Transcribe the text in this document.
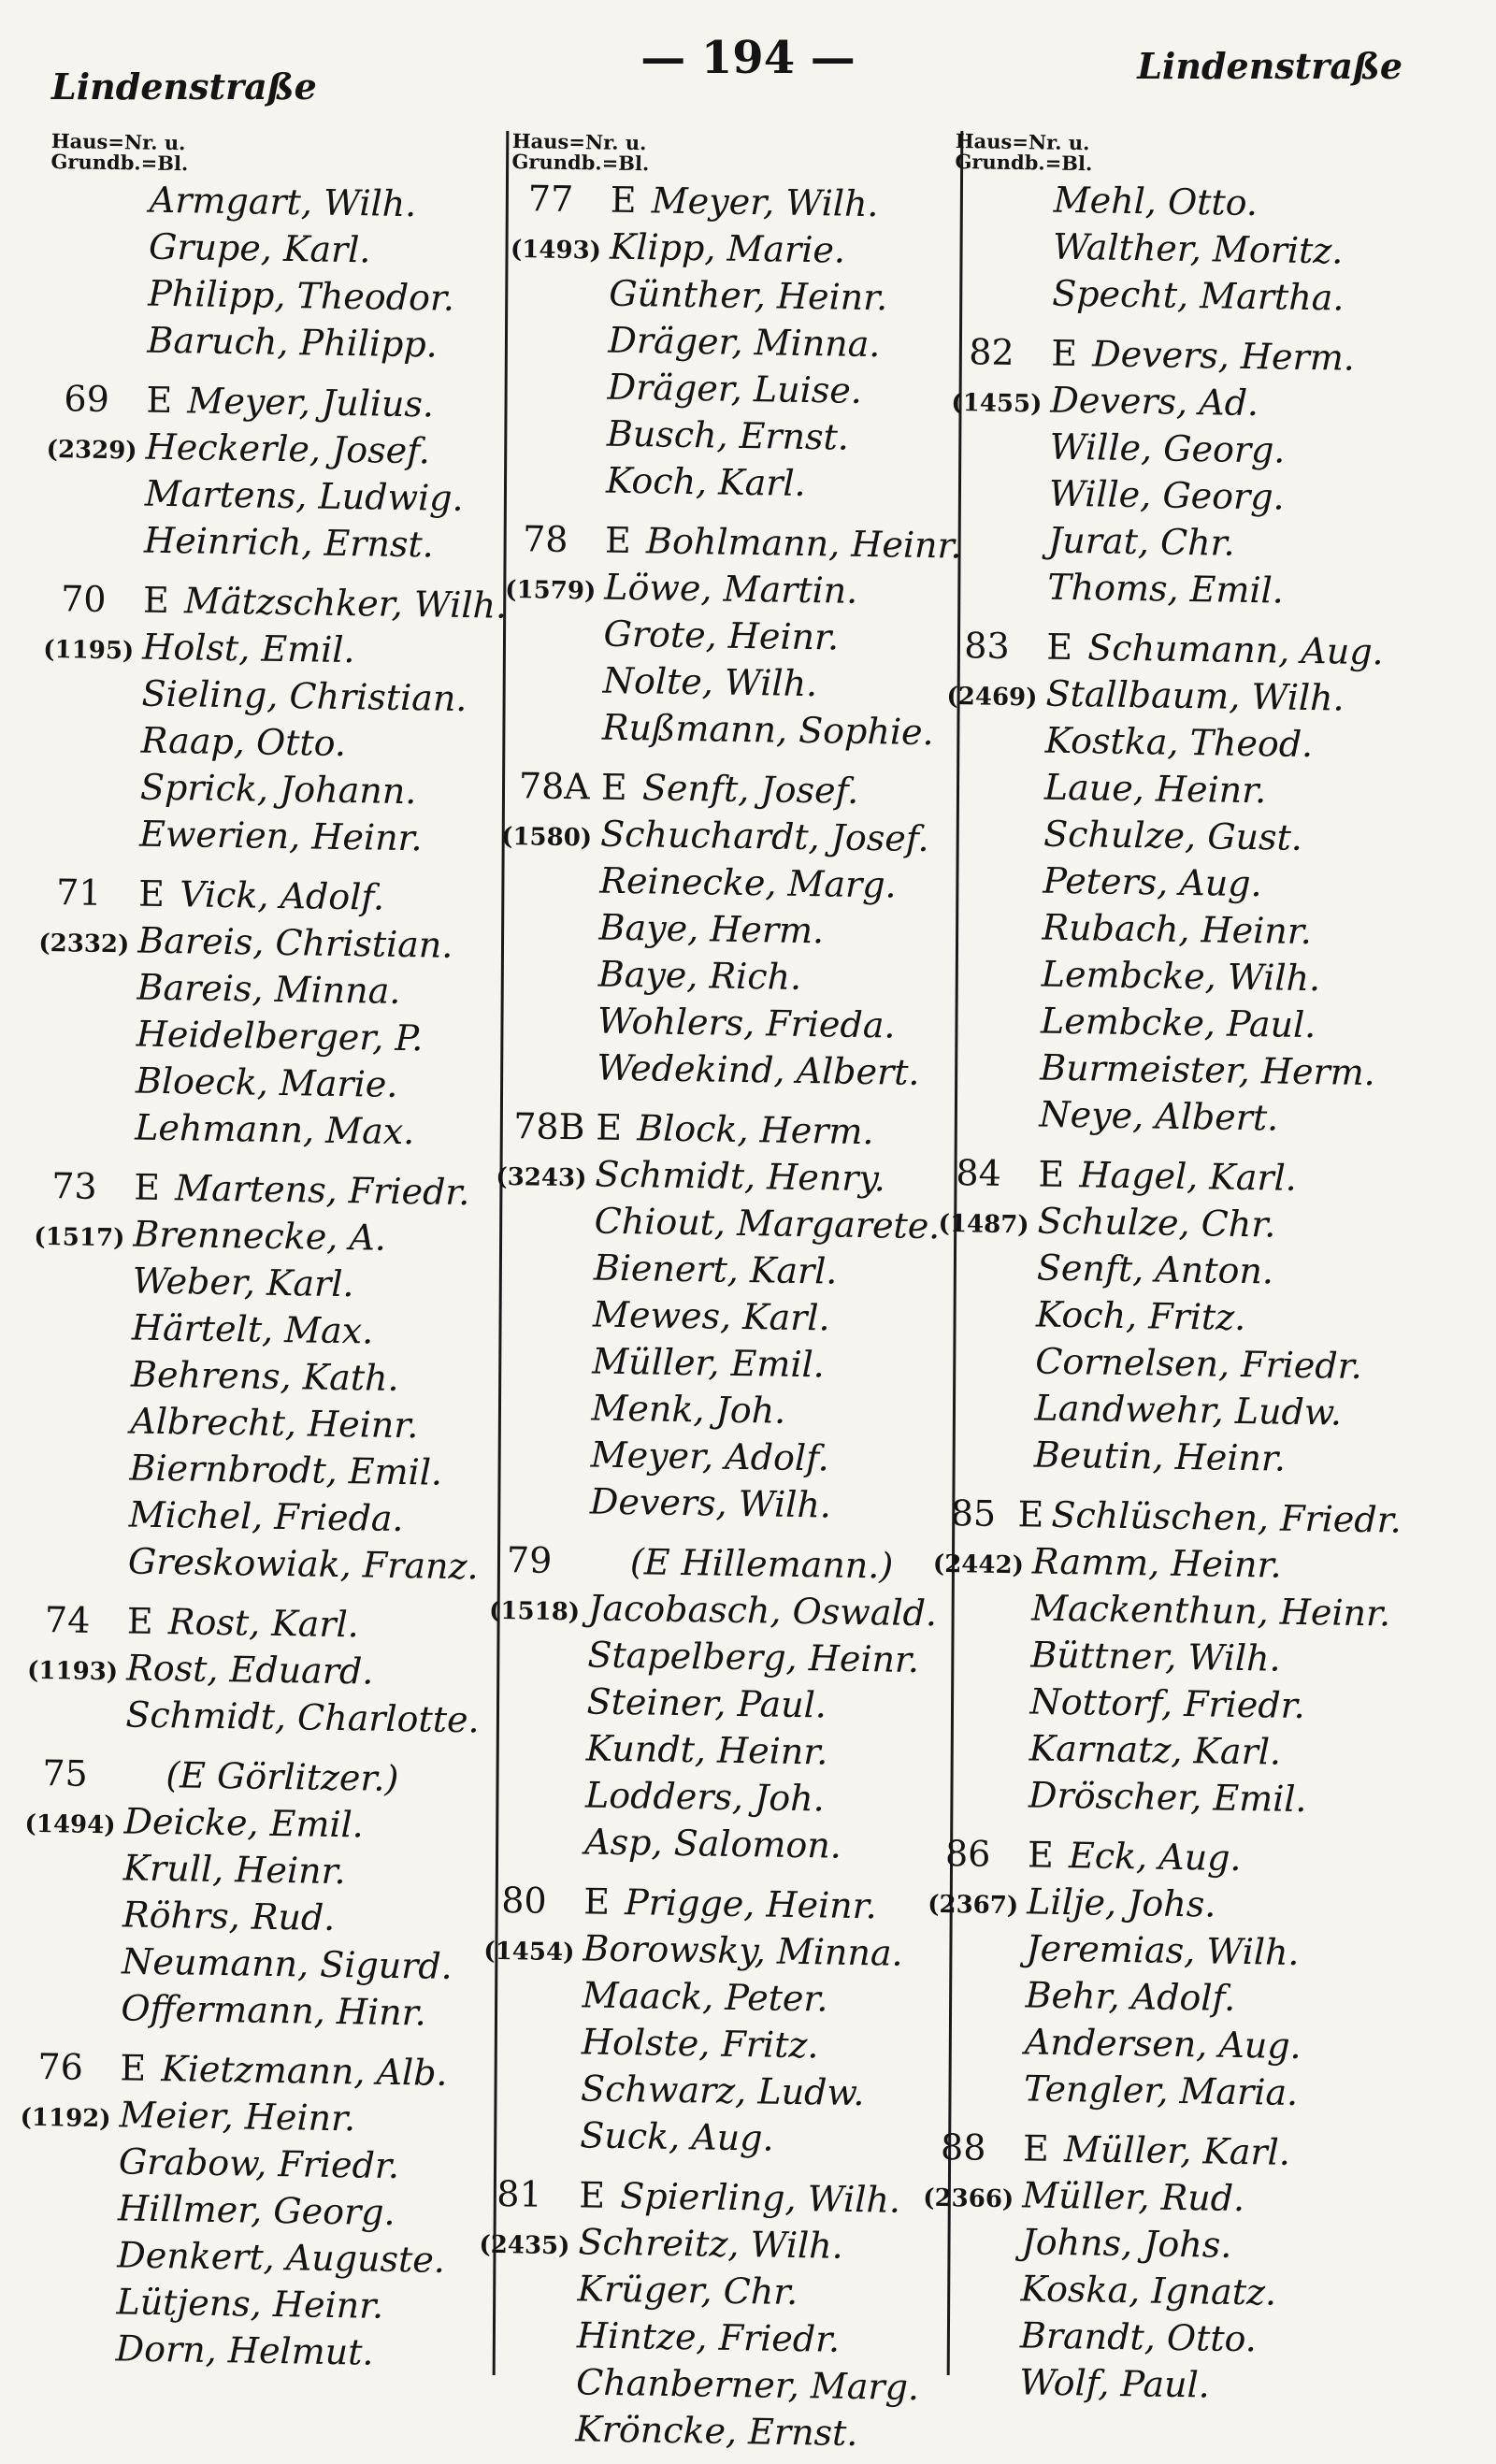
Lindenstraße
— 194 —	Lindenstraße
Haus=Nr. u.
Grundb.=Bl.
Armgart, Wilh.
Grupe, Karl.
Philipp, Theodor.
Baruch, Philipp.
69	E Meyer, Julius.
(2329) Heckerle, Josef.
Martens, Ludwig.
Heinrich, Ernst.
70	E Mätzschker, Wilh.
(1195) Holst, Emil.
Sieling, Christian.
Raap, Otto.
Sprick, Johann.
Ewerien, Heinr.
71	E Vick, Adolf.
(2332) Bareis, Christian.
Bareis, Minna.
Heidelberger, P.
Bloeck, Marie.
Lehmann, Max.
73	E Martens, Friedr.
(1517) Brennecke, A.
Weber, Karl.
Härtelt, Max.
Behrens, Kath.
Albrecht, Heinr.
Biernbrodt, Emil.
Michel, Frieda.
Greskowiak, Franz.
74	E Rost, Karl.
(1193) Rost, Eduard.
Schmidt, Charlotte.
75	(E Görlitzer.)
(1494) Deicke, Emil.
Krull, Heinr.
Röhrs, Rud.
Neumann, Sigurd.
Offermann, Hinr.
76	E Kietzmann, Alb.
(1192) Meier, Heinr.
Grabow, Friedr.
Hillmer, Georg.
Denkert, Auguste.
Lütjens, Heinr.
Dorn, Helmut.
Haus=Nr. u.
Grundb.=Bl.
77	E Meyer, Wilh.
(1493) Klipp, Marie.
Günther, Heinr.
Dräger, Minna.
Dräger, Luise.
Busch, Ernst.
Koch, Karl.
78	E Bohlmann, Heinr.
(1579) Löwe, Martin.
Grote, Heinr.
Nolte, Wilh.
Rußmann, Sophie.
78A E Senft, Josef.
(1580) Schuchardt, Josef.
Reinecke, Marg.
Baye, Herm.
Baye, Rich.
Wohlers, Frieda.
Wedekind, Albert.
78B E Block, Herm.
(3243) Schmidt, Henry.
Chiout, Margarete.
Bienert, Karl.
Mewes, Karl.
Müller, Emil.
Menk, Joh.
Meyer, Adolf.
Devers, Wilh.
79	(E Hillemann.)
(1518) Jacobasch, Oswald.
Stapelberg, Heinr.
Steiner, Paul.
Kundt, Heinr.
Lodders, Joh.
Asp, Salomon.
80	E Prigge, Heinr.
(1454) Borowsky, Minna.
Maack, Peter.
Holste, Fritz.
Schwarz, Ludw.
Suck, Aug.
81	E Spierling, Wilh.
(2435) Schreitz, Wilh.
Krüger, Chr.
Hintze, Friedr.
Chanberner, Marg.
Kröncke, Ernst.
Haus=Nr. u.
Grundb.=Bl.
Mehl, Otto.
Walther, Moritz.
Specht, Martha.
82	E Devers, Herm.
(1455) Devers, Ad.
Wille, Georg.
Wille, Georg.
Jurat, Chr.
Thoms, Emil.
83	E Schumann, Aug.
(2469) Stallbaum, Wilh.
Kostka, Theod.
Laue, Heinr.
Schulze, Gust.
Peters, Aug.
Rubach, Heinr.
Lembcke, Wilh.
Lembcke, Paul.
Burmeister, Herm.
Neye, Albert.
84	E Hagel, Karl.
(1487) Schulze, Chr.
Senft, Anton.
Koch, Fritz.
Cornelsen, Friedr.
Landwehr, Ludw.
Beutin, Heinr.
85 E Schlüschen, Friedr.
(2442) Ramm, Heinr.
Mackenthun, Heinr.
Büttner, Wilh.
Nottorf, Friedr.
Karnatz, Karl.
Dröscher, Emil.
86	E Eck, Aug.
(2367) Lilje, Johs.
Jeremias, Wilh.
Behr, Adolf.
Andersen, Aug.
Tengler, Maria.
88	E Müller, Karl.
(2366) Müller, Rud.
Johns, Johs.
Koska, Ignatz.
Brandt, Otto.
Wolf, Paul.
